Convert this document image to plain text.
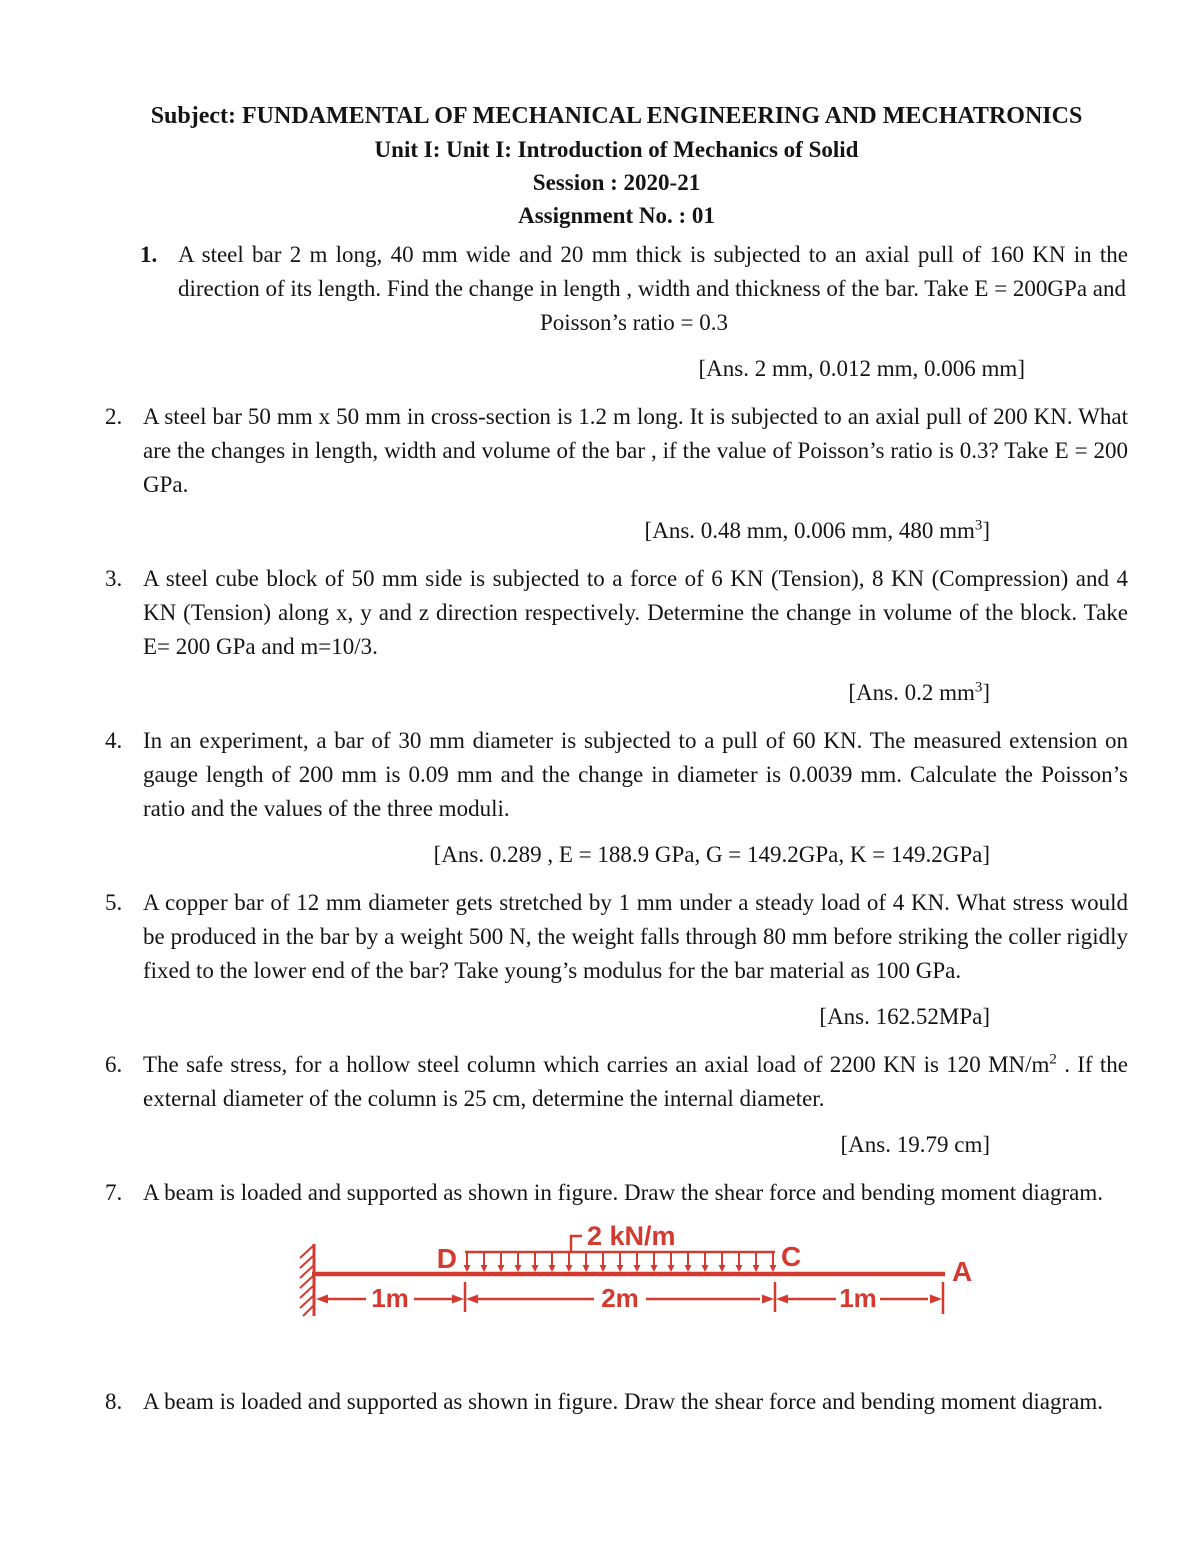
Subject: FUNDAMENTAL OF MECHANICAL ENGINEERING AND MECHATRONICS
Unit I: Unit I: Introduction of Mechanics of Solid
Session : 2020-21
Assignment No. : 01
1. A steel bar 2 m long, 40 mm wide and 20 mm thick is subjected to an axial pull of 160 KN in the direction of its length. Find the change in length , width and thickness of the bar. Take E = 200GPa and
Poisson’s ratio = 0.3
[Ans. 2 mm, 0.012 mm, 0.006 mm]
2. A steel bar 50 mm x 50 mm in cross-section is 1.2 m long. It is subjected to an axial pull of 200 KN. What are the changes in length, width and volume of the bar , if the value of Poisson’s ratio is 0.3? Take E = 200 GPa.
[Ans. 0.48 mm, 0.006 mm, 480 $mm^3$]
3. A steel cube block of 50 mm side is subjected to a force of 6 KN (Tension), 8 KN (Compression) and 4 KN (Tension) along x, y and z direction respectively. Determine the change in volume of the block. Take E= 200 GPa and m=10/3.
[Ans. 0.2 $mm^3$]
4. In an experiment, a bar of 30 mm diameter is subjected to a pull of 60 KN. The measured extension on gauge length of 200 mm is 0.09 mm and the change in diameter is 0.0039 mm. Calculate the Poisson’s ratio and the values of the three moduli.
[Ans. 0.289 , E = 188.9 GPa, G = 149.2GPa, K = 149.2GPa]
5. A copper bar of 12 mm diameter gets stretched by 1 mm under a steady load of 4 KN. What stress would be produced in the bar by a weight 500 N, the weight falls through 80 mm before striking the coller rigidly fixed to the lower end of the bar? Take young’s modulus for the bar material as 100 GPa.
[Ans. 162.52MPa]
6. The safe stress, for a hollow steel column which carries an axial load of 2200 KN is 120 $MN/m^2$ . If the external diameter of the column is 25 cm, determine the internal diameter.
[Ans. 19.79 cm]
7. A beam is loaded and supported as shown in figure. Draw the shear force and bending moment diagram.
2 kN/m
D	C	A
1m	2m	1m
8. A beam is loaded and supported as shown in figure. Draw the shear force and bending moment diagram.
